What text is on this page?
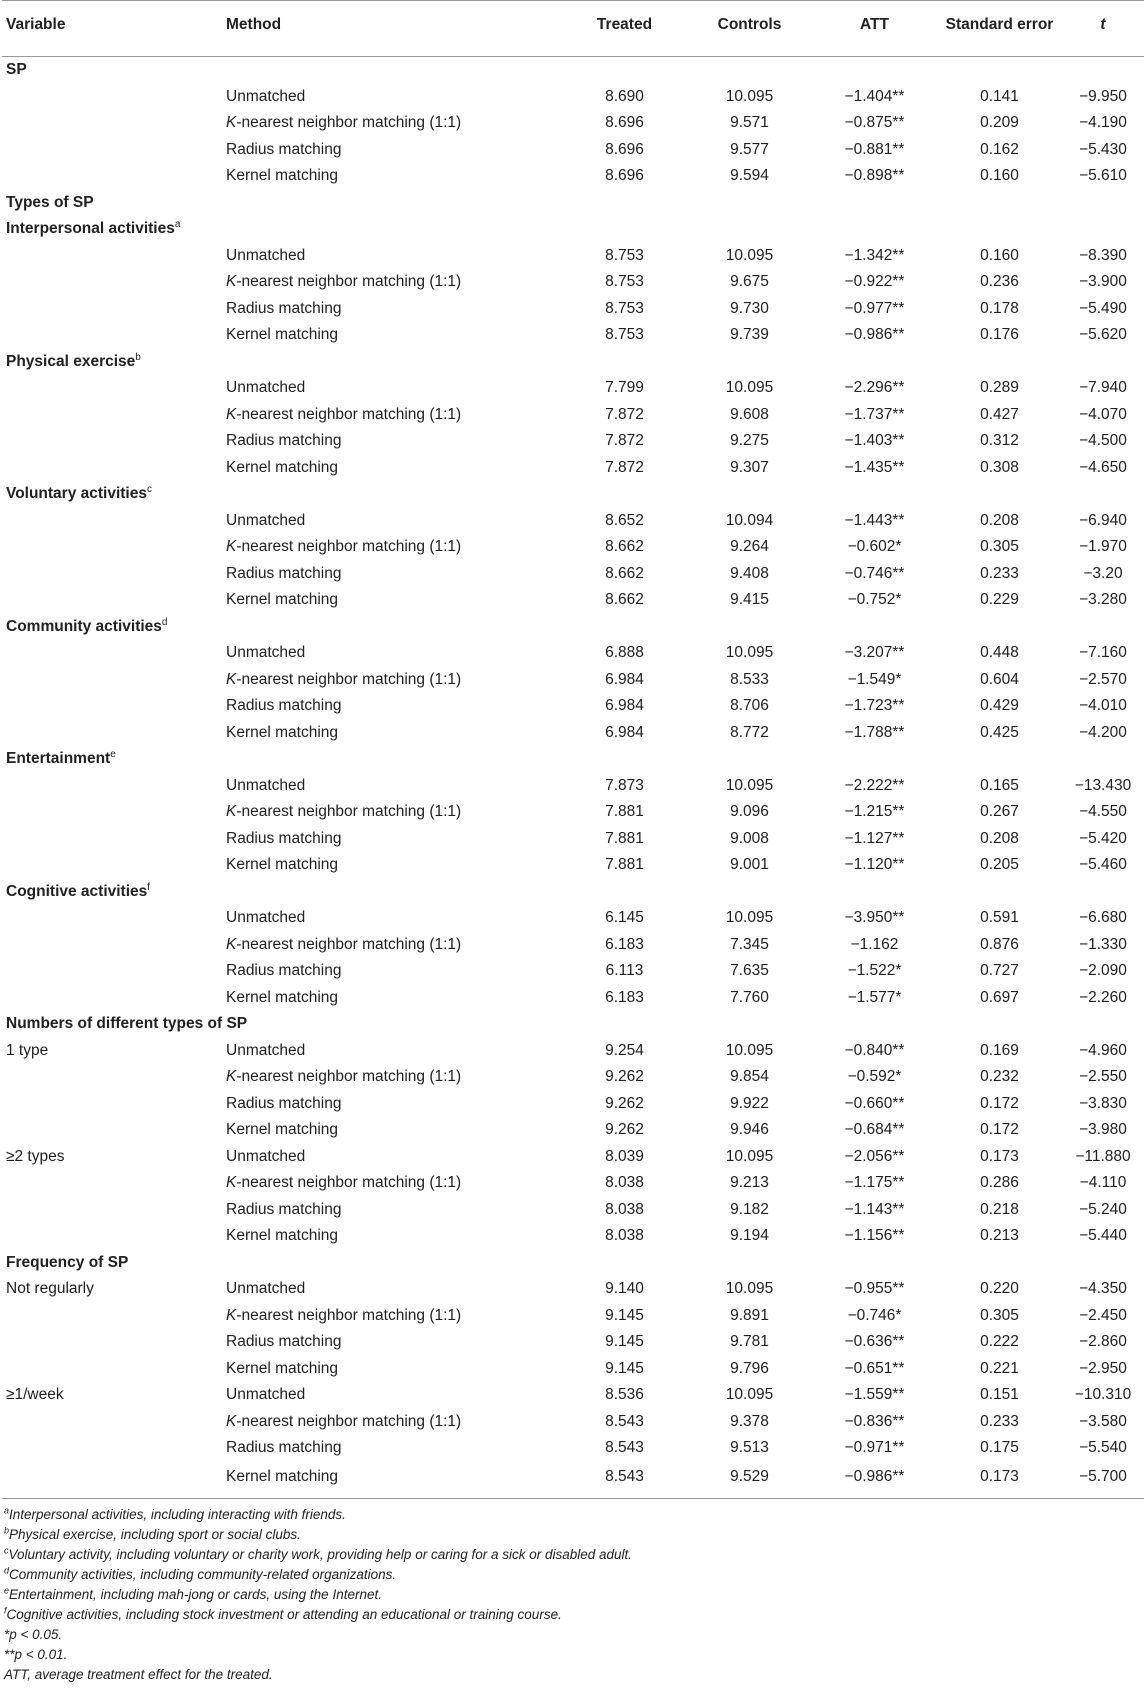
Variable	Method	Treated	Controls	ATT	Standard error	t
SP						
	Unmatched	8.690	10.095	−1.404**	0.141	−9.950
	K-nearest neighbor matching (1:1)	8.696	9.571	−0.875**	0.209	−4.190
	Radius matching	8.696	9.577	−0.881**	0.162	−5.430
	Kernel matching	8.696	9.594	−0.898**	0.160	−5.610
Types of SP						
Interpersonal activities$^a$						
	Unmatched	8.753	10.095	−1.342**	0.160	−8.390
	K-nearest neighbor matching (1:1)	8.753	9.675	−0.922**	0.236	−3.900
	Radius matching	8.753	9.730	−0.977**	0.178	−5.490
	Kernel matching	8.753	9.739	−0.986**	0.176	−5.620
Physical exercise$^b$						
	Unmatched	7.799	10.095	−2.296**	0.289	−7.940
	K-nearest neighbor matching (1:1)	7.872	9.608	−1.737**	0.427	−4.070
	Radius matching	7.872	9.275	−1.403**	0.312	−4.500
	Kernel matching	7.872	9.307	−1.435**	0.308	−4.650
Voluntary activities$^c$						
	Unmatched	8.652	10.094	−1.443**	0.208	−6.940
	K-nearest neighbor matching (1:1)	8.662	9.264	−0.602*	0.305	−1.970
	Radius matching	8.662	9.408	−0.746**	0.233	−3.20
	Kernel matching	8.662	9.415	−0.752*	0.229	−3.280
Community activities$^d$						
	Unmatched	6.888	10.095	−3.207**	0.448	−7.160
	K-nearest neighbor matching (1:1)	6.984	8.533	−1.549*	0.604	−2.570
	Radius matching	6.984	8.706	−1.723**	0.429	−4.010
	Kernel matching	6.984	8.772	−1.788**	0.425	−4.200
Entertainment$^e$						
	Unmatched	7.873	10.095	−2.222**	0.165	−13.430
	K-nearest neighbor matching (1:1)	7.881	9.096	−1.215**	0.267	−4.550
	Radius matching	7.881	9.008	−1.127**	0.208	−5.420
	Kernel matching	7.881	9.001	−1.120**	0.205	−5.460
Cognitive activities$^f$						
	Unmatched	6.145	10.095	−3.950**	0.591	−6.680
	K-nearest neighbor matching (1:1)	6.183	7.345	−1.162	0.876	−1.330
	Radius matching	6.113	7.635	−1.522*	0.727	−2.090
	Kernel matching	6.183	7.760	−1.577*	0.697	−2.260
Numbers of different types of SP						
1 type	Unmatched	9.254	10.095	−0.840**	0.169	−4.960
	K-nearest neighbor matching (1:1)	9.262	9.854	−0.592*	0.232	−2.550
	Radius matching	9.262	9.922	−0.660**	0.172	−3.830
	Kernel matching	9.262	9.946	−0.684**	0.172	−3.980
≥2 types	Unmatched	8.039	10.095	−2.056**	0.173	−11.880
	K-nearest neighbor matching (1:1)	8.038	9.213	−1.175**	0.286	−4.110
	Radius matching	8.038	9.182	−1.143**	0.218	−5.240
	Kernel matching	8.038	9.194	−1.156**	0.213	−5.440
Frequency of SP						
Not regularly	Unmatched	9.140	10.095	−0.955**	0.220	−4.350
	K-nearest neighbor matching (1:1)	9.145	9.891	−0.746*	0.305	−2.450
	Radius matching	9.145	9.781	−0.636**	0.222	−2.860
	Kernel matching	9.145	9.796	−0.651**	0.221	−2.950
≥1/week	Unmatched	8.536	10.095	−1.559**	0.151	−10.310
	K-nearest neighbor matching (1:1)	8.543	9.378	−0.836**	0.233	−3.580
	Radius matching	8.543	9.513	−0.971**	0.175	−5.540
	Kernel matching	8.543	9.529	−0.986**	0.173	−5.700
$^a$Interpersonal activities, including interacting with friends.
$^b$Physical exercise, including sport or social clubs.
$^c$Voluntary activity, including voluntary or charity work, providing help or caring for a sick or disabled adult.
$^d$Community activities, including community-related organizations.
$^e$Entertainment, including mah-jong or cards, using the Internet.
$^f$Cognitive activities, including stock investment or attending an educational or training course.
*p < 0.05.
**p < 0.01.
ATT, average treatment effect for the treated.
